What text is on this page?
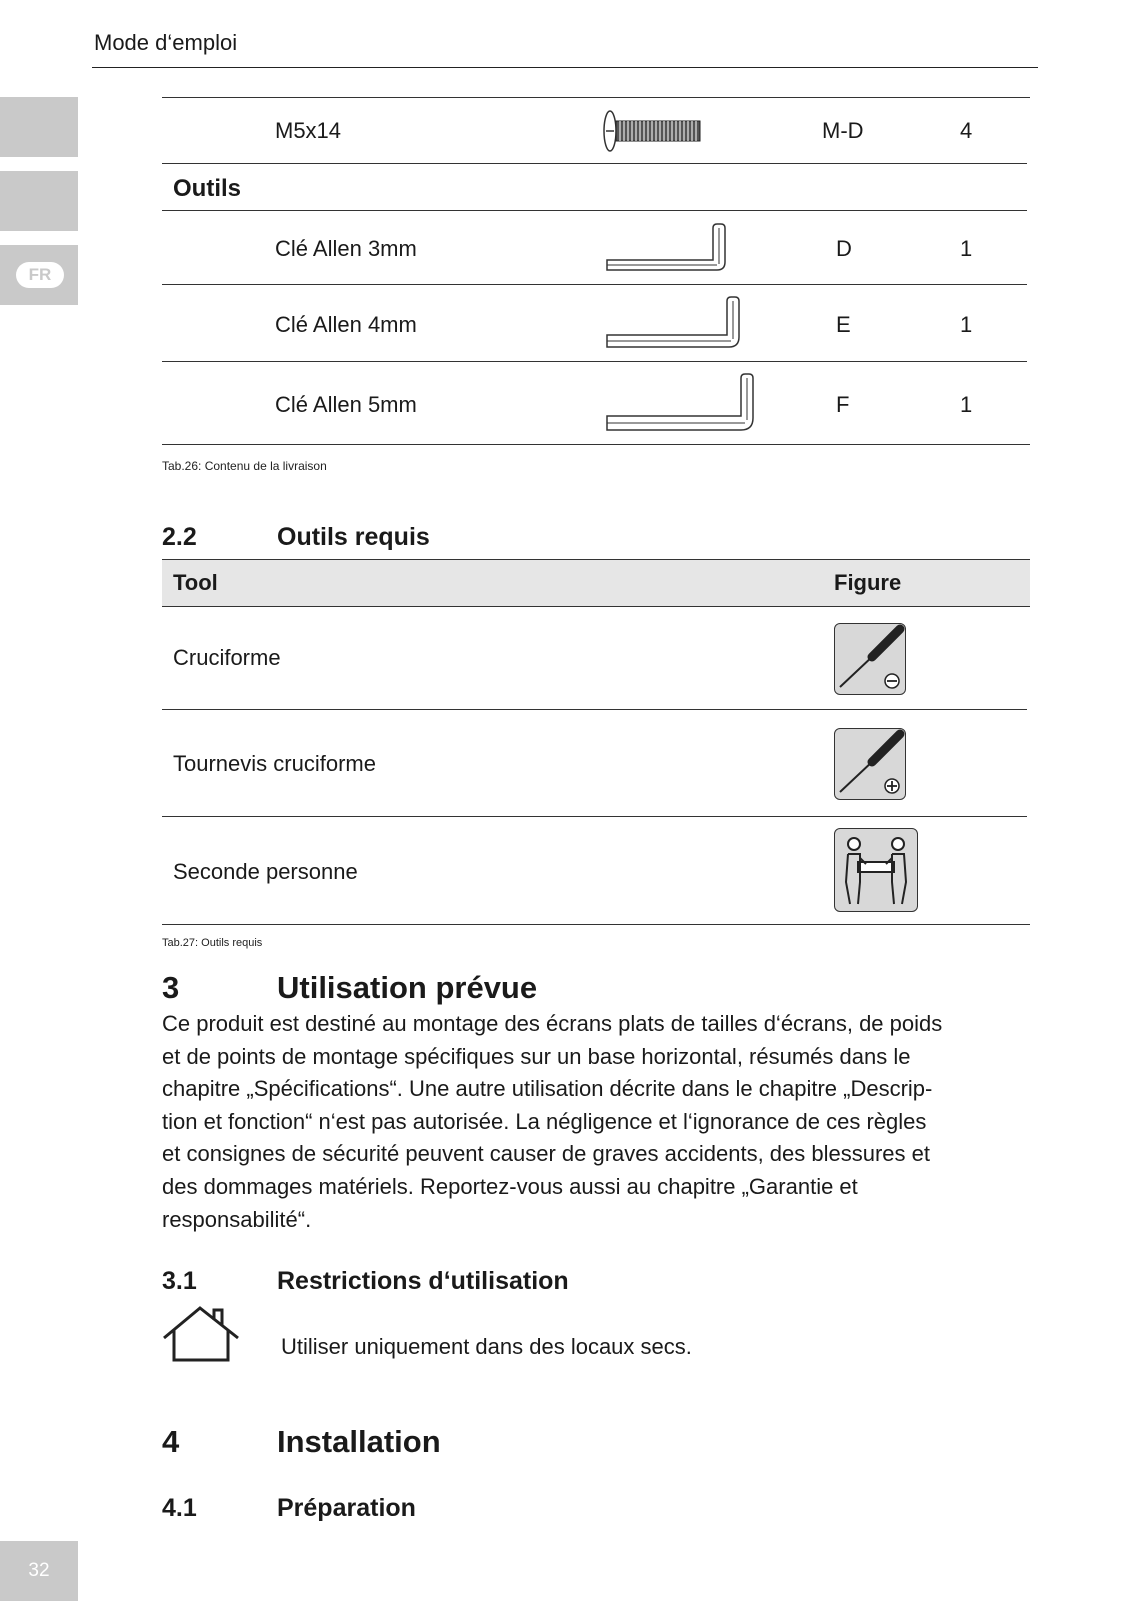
Mode d‘emploi
FR
32
M5x14	M-D	4
Outils
Clé Allen 3mm	D	1
Clé Allen 4mm	E	1
Clé Allen 5mm	F	1
Tab.26: Contenu de la livraison
2.2	Outils requis
Tool	Figure
Cruciforme
Tournevis cruciforme
Seconde personne
Tab.27: Outils requis
3	Utilisation prévue
Ce produit est destiné au montage des écrans plats de tailles d‘écrans, de poids
et de points de montage spécifiques sur un base horizontal, résumés dans le
chapitre „Spécifications“. Une autre utilisation décrite dans le chapitre „Descrip-
tion et fonction“ n‘est pas autorisée. La négligence et l‘ignorance de ces règles
et consignes de sécurité peuvent causer de graves accidents, des blessures et
des dommages matériels. Reportez-vous aussi au chapitre „Garantie et
responsabilité“.
3.1	Restrictions d‘utilisation
Utiliser uniquement dans des locaux secs.
4	Installation
4.1	Préparation
